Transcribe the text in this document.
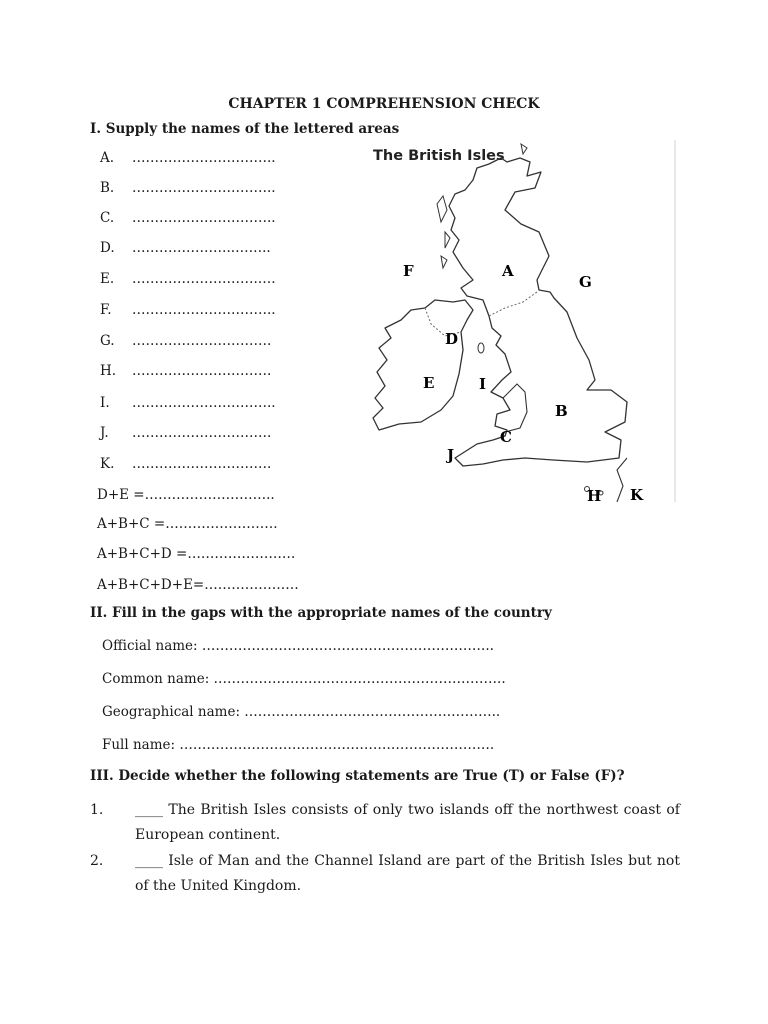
CHAPTER 1 COMPREHENSION CHECK
I. Supply the names of the lettered areas
A. …………………………..
B. …………………………..
C. …………………………..
D. …………………..……..
E. ……………………….….
F. …………………………..
G. ………………………….
H. ………………………….
I. …………………………..
J. ………………………….
K. ………………………….
D+E =………………………..
A+B+C =…………………….
A+B+C+D =……………………
A+B+C+D+E=…………………
The British Isles
F	A
G
D
E	I
B
C
J
H K
II. Fill in the gaps with the appropriate names of the country
Official name: ………………………………………………………..
Common name: ………………………………………………………..
Geographical name: ……………………………………….………..
Full name: …………………………………………………………….
III. Decide whether the following statements are True (T) or False (F)?
1. ____ The British Isles consists of only two islands off the northwest coast of European continent.
2. ____ Isle of Man and the Channel Island are part of the British Isles but not of the United Kingdom.
